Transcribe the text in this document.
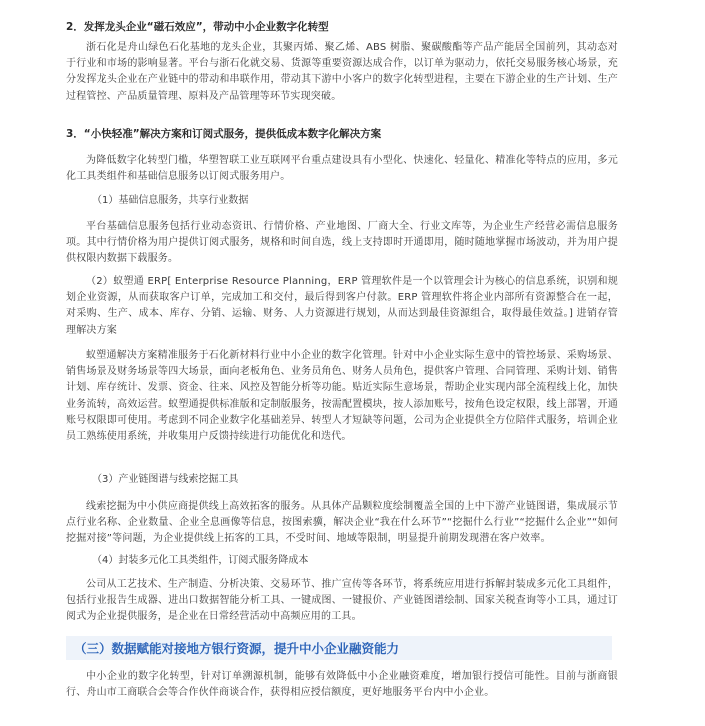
2．发挥龙头企业“磁石效应”，带动中小企业数字化转型

浙石化是舟山绿色石化基地的龙头企业，其聚丙烯、聚乙烯、ABS 树脂、聚碳酸酯等产品产能居全国前列，其动态对于行业和市场的影响显著。平台与浙石化就交易、货源等重要资源达成合作，以订单为驱动力，依托交易服务核心场景，充分发挥龙头企业在产业链中的带动和串联作用，带动其下游中小客户的数字化转型进程，主要在下游企业的生产计划、生产过程管控、产品质量管理、原料及产品管理等环节实现突破。

3．“小快轻准”解决方案和订阅式服务，提供低成本数字化解决方案

为降低数字化转型门槛，华塑智联工业互联网平台重点建设具有小型化、快速化、轻量化、精准化等特点的应用，多元化工具类组件和基础信息服务以订阅式服务用户。

（1）基础信息服务，共享行业数据

平台基础信息服务包括行业动态资讯、行情价格、产业地图、厂商大全、行业文库等，为企业生产经营必需信息服务项。其中行情价格为用户提供订阅式服务，规格和时间自选，线上支持即时开通即用，随时随地掌握市场波动，并为用户提供权限内数据下载服务。

（2）蚁塑通 ERP[ Enterprise Resource Planning，ERP 管理软件是一个以管理会计为核心的信息系统，识别和规划企业资源，从而获取客户订单，完成加工和交付，最后得到客户付款。ERP 管理软件将企业内部所有资源整合在一起，对采购、生产、成本、库存、分销、运输、财务、人力资源进行规划，从而达到最佳资源组合，取得最佳效益。] 进销存管理解决方案

蚁塑通解决方案精准服务于石化新材料行业中小企业的数字化管理。针对中小企业实际生意中的管控场景、采购场景、销售场景及财务场景等四大场景，面向老板角色、业务员角色、财务人员角色，提供客户管理、合同管理、采购计划、销售计划、库存统计、发票、资金、往来、风控及智能分析等功能。贴近实际生意场景，帮助企业实现内部全流程线上化，加快业务流转，高效运营。蚁塑通提供标准版和定制版服务，按需配置模块，按人添加账号，按角色设定权限，线上部署，开通账号权限即可使用。考虑到不同企业数字化基础差异、转型人才短缺等问题，公司为企业提供全方位陪伴式服务，培训企业员工熟练使用系统，并收集用户反馈持续进行功能优化和迭代。

（3）产业链图谱与线索挖掘工具

线索挖掘为中小供应商提供线上高效拓客的服务。从具体产品颗粒度绘制覆盖全国的上中下游产业链图谱，集成展示节点行业名称、企业数量、企业全息画像等信息，按图索骥，解决企业“我在什么环节”“挖掘什么行业”“挖掘什么企业”“如何挖掘对接”等问题，为企业提供线上拓客的工具，不受时间、地域等限制，明显提升前期发现潜在客户效率。

（4）封装多元化工具类组件，订阅式服务降成本

公司从工艺技术、生产制造、分析决策、交易环节、推广宣传等各环节，将系统应用进行拆解封装成多元化工具组件，包括行业报告生成器、进出口数据智能分析工具、一键成图、一键报价、产业链图谱绘制、国家关税查询等小工具，通过订阅式为企业提供服务，是企业在日常经营活动中高频应用的工具。

（三）数据赋能对接地方银行资源，提升中小企业融资能力

中小企业的数字化转型，针对订单溯源机制，能够有效降低中小企业融资难度，增加银行授信可能性。目前与浙商银行、舟山市工商联合会等合作伙伴商谈合作，获得相应授信额度，更好地服务平台内中小企业。
